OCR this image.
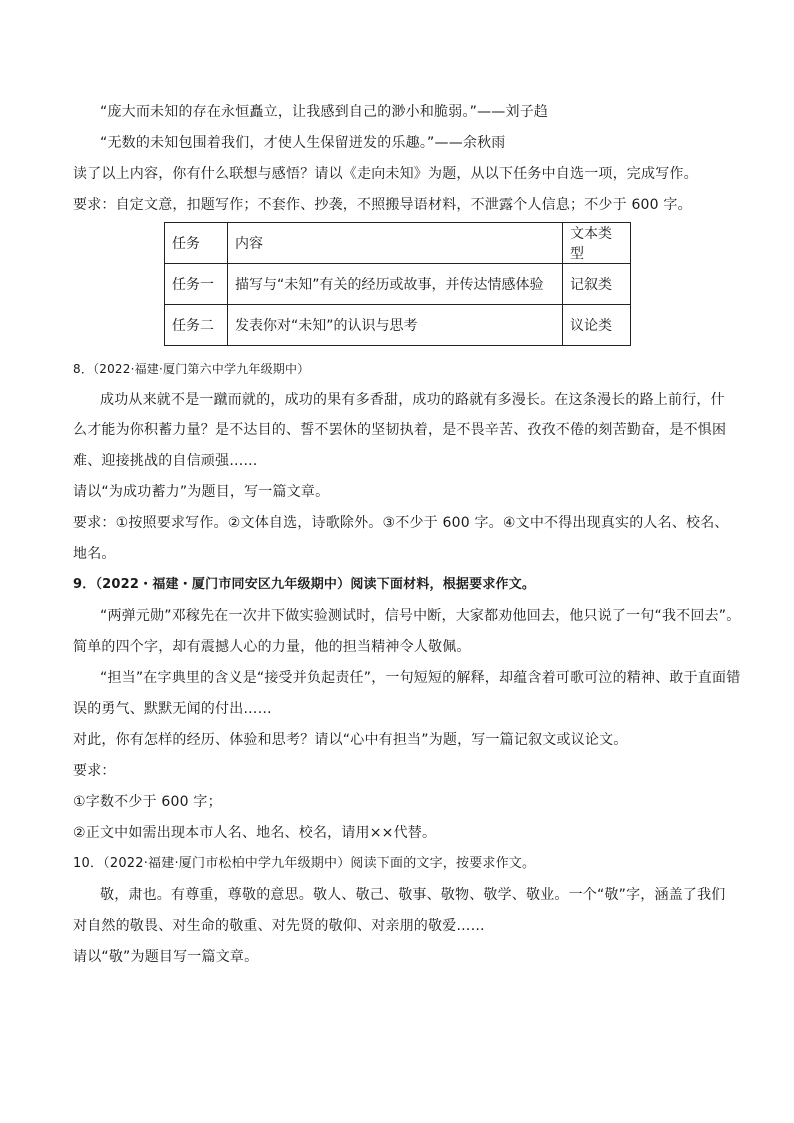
“庞大而未知的存在永恒矗立，让我感到自己的渺小和脆弱。”——刘子趋
“无数的未知包围着我们，才使人生保留迸发的乐趣。”——余秋雨
读了以上内容，你有什么联想与感悟？请以《走向未知》为题，从以下任务中自选一项，完成写作。
要求：自定文意，扣题写作；不套作、抄袭，不照搬导语材料，不泄露个人信息；不少于 600 字。
任务	内容	文本类型
任务一	描写与“未知”有关的经历或故事，并传达情感体验	记叙类
任务二	发表你对“未知”的认识与思考	议论类
8．（2022·福建·厦门第六中学九年级期中）
成功从来就不是一蹴而就的，成功的果有多香甜，成功的路就有多漫长。在这条漫长的路上前行，什
么才能为你积蓄力量？是不达目的、誓不罢休的坚韧执着，是不畏辛苦、孜孜不倦的刻苦勤奋，是不惧困
难、迎接挑战的自信顽强……
请以“为成功蓄力”为题目，写一篇文章。
要求：①按照要求写作。②文体自选，诗歌除外。③不少于 600 字。④文中不得出现真实的人名、校名、
地名。
9．（2022・福建・厦门市同安区九年级期中）阅读下面材料，根据要求作文。
“两弹元勋”邓稼先在一次井下做实验测试时，信号中断，大家都劝他回去，他只说了一句“我不回去”。
简单的四个字，却有震撼人心的力量，他的担当精神令人敬佩。
“担当”在字典里的含义是“接受并负起责任”，一句短短的解释，却蕴含着可歌可泣的精神、敢于直面错
误的勇气、默默无闻的付出……
对此，你有怎样的经历、体验和思考？请以“心中有担当”为题，写一篇记叙文或议论文。
要求：
①字数不少于 600 字；
②正文中如需出现本市人名、地名、校名，请用××代替。
10．（2022·福建·厦门市松柏中学九年级期中）阅读下面的文字，按要求作文。
敬，肃也。有尊重，尊敬的意思。敬人、敬己、敬事、敬物、敬学、敬业。一个“敬”字，涵盖了我们
对自然的敬畏、对生命的敬重、对先贤的敬仰、对亲朋的敬爱……
请以“敬”为题目写一篇文章。
